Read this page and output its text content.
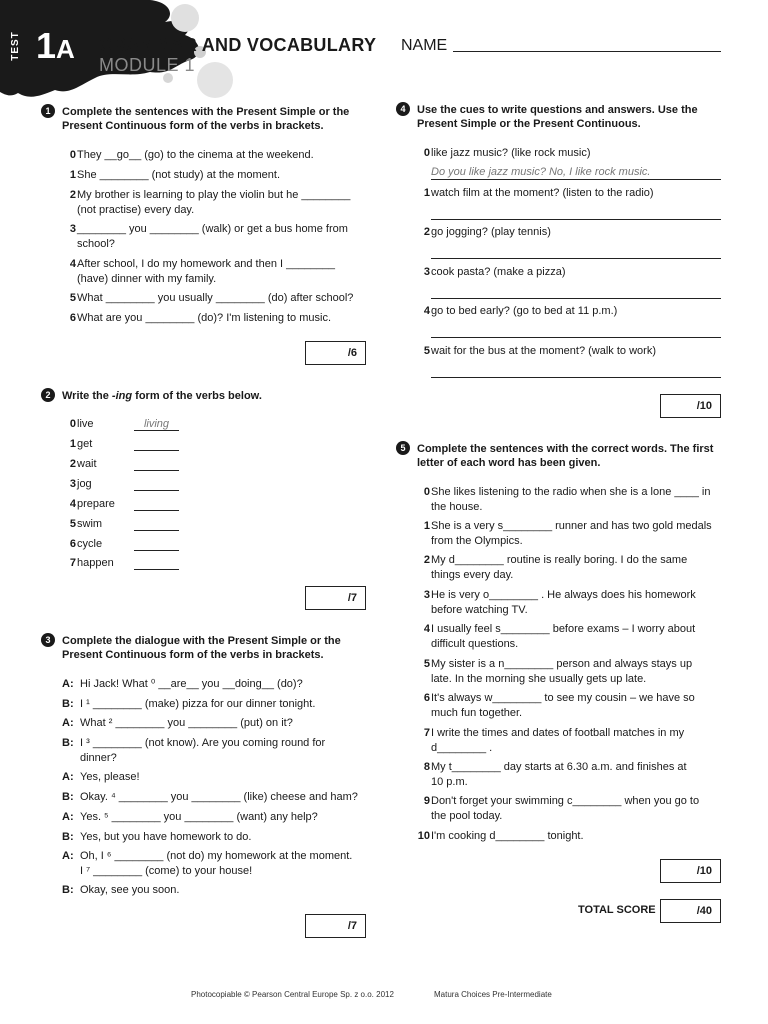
TEST 1A GRAMMAR AND VOCABULARY
MODULE 1
NAME
1	Complete the sentences with the Present Simple or the Present Continuous form of the verbs in brackets.
0 They __go__ (go) to the cinema at the weekend.
1 She ________ (not study) at the moment.
2 My brother is learning to play the violin but he ________
(not practise) every day.
3 ________ you ________ (walk) or get a bus home from
school?
4 After school, I do my homework and then I ________
(have) dinner with my family.
5 What ________ you usually ________ (do) after school?
6 What are you ________ (do)? I'm listening to music.
/6
2	Write the -ing form of the verbs below.
0 live	living
1 get
2 wait
3 jog
4 prepare
5 swim
6 cycle
7 happen
/7
3	Complete the dialogue with the Present Simple or the Present Continuous form of the verbs in brackets.
A: Hi Jack! What ⁰ __are__ you __doing__ (do)?
B: I ¹ ________ (make) pizza for our dinner tonight.
A: What ² ________ you ________ (put) on it?
B: I ³ ________ (not know). Are you coming round for
dinner?
A: Yes, please!
B: Okay. ⁴ ________ you ________ (like) cheese and ham?
A: Yes. ⁵ ________ you ________ (want) any help?
B: Yes, but you have homework to do.
A: Oh, I ⁶ ________ (not do) my homework at the moment.
I ⁷ ________ (come) to your house!
B: Okay, see you soon.
/7
4	Use the cues to write questions and answers. Use the Present Simple or the Present Continuous.
0 like jazz music? (like rock music)
Do you like jazz music? No, I like rock music.
1 watch film at the moment? (listen to the radio)
2 go jogging? (play tennis)
3 cook pasta? (make a pizza)
4 go to bed early? (go to bed at 11 p.m.)
5 wait for the bus at the moment? (walk to work)
/10
5	Complete the sentences with the correct words. The first letter of each word has been given.
0 She likes listening to the radio when she is a lone ____ in
the house.
1 She is a very s________ runner and has two gold medals
from the Olympics.
2 My d________ routine is really boring. I do the same
things every day.
3 He is very o________ . He always does his homework
before watching TV.
4 I usually feel s________ before exams – I worry about
difficult questions.
5 My sister is a n________ person and always stays up
late. In the morning she usually gets up late.
6 It's always w________ to see my cousin – we have so
much fun together.
7 I write the times and dates of football matches in my
d________ .
8 My t________ day starts at 6.30 a.m. and finishes at
10 p.m.
9 Don't forget your swimming c________ when you go to
the pool today.
10 I'm cooking d________ tonight.
/10
TOTAL SCORE	/40
Photocopiable © Pearson Central Europe Sp. z o.o. 2012	Matura Choices Pre-Intermediate
